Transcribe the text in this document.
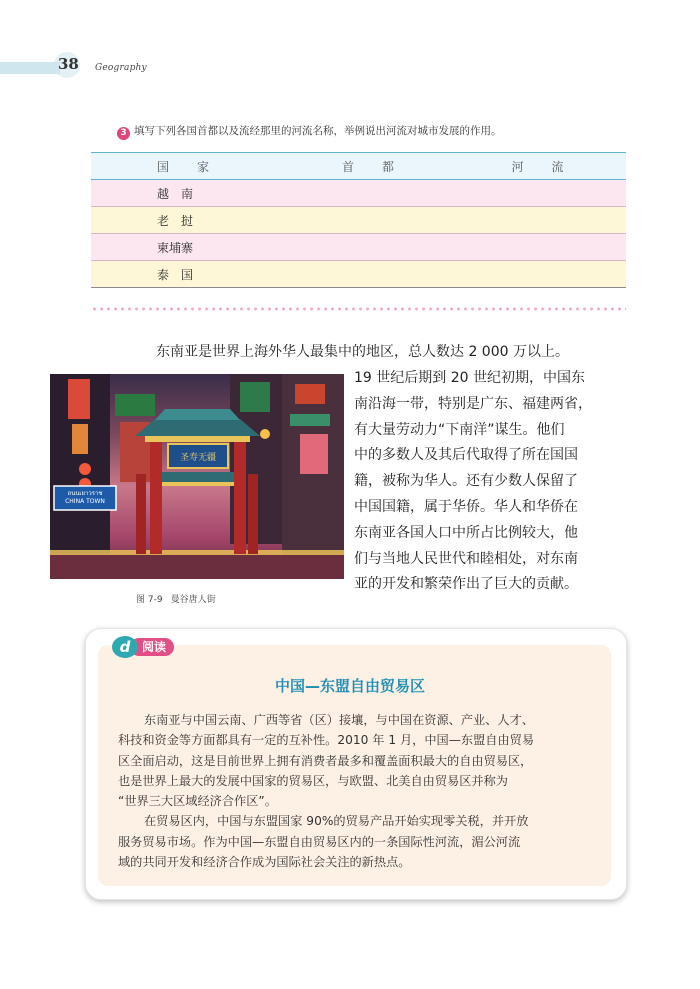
38 Geography
3 填写下列各国首都以及流经那里的河流名称，举例说出河流对城市发展的作用。
国　家	首　都	河　流
越　南		
老　挝		
柬埔寨		
泰　国		
东南亚是世界上海外华人最集中的地区，总人数达 2 000 万以上。
19 世纪后期到 20 世纪初期，中国东
南沿海一带，特别是广东、福建两省，
有大量劳动力“下南洋”谋生。他们
中的多数人及其后代取得了所在国国
籍，被称为华人。还有少数人保留了
中国国籍，属于华侨。华人和华侨在
东南亚各国人口中所占比例较大，他
们与当地人民世代和睦相处，对东南
亚的开发和繁荣作出了巨大的贡献。
ถนนเยาวราช
CHINA TOWN
圣寿无疆
图 7-9 曼谷唐人街
阅读
d
中国—东盟自由贸易区
东南亚与中国云南、广西等省（区）接壤，与中国在资源、产业、人才、
科技和资金等方面都具有一定的互补性。2010 年 1 月，中国—东盟自由贸易
区全面启动，这是目前世界上拥有消费者最多和覆盖面积最大的自由贸易区，
也是世界上最大的发展中国家的贸易区，与欧盟、北美自由贸易区并称为
“世界三大区域经济合作区”。
在贸易区内，中国与东盟国家 90%的贸易产品开始实现零关税，并开放
服务贸易市场。作为中国—东盟自由贸易区内的一条国际性河流，湄公河流
域的共同开发和经济合作成为国际社会关注的新热点。
